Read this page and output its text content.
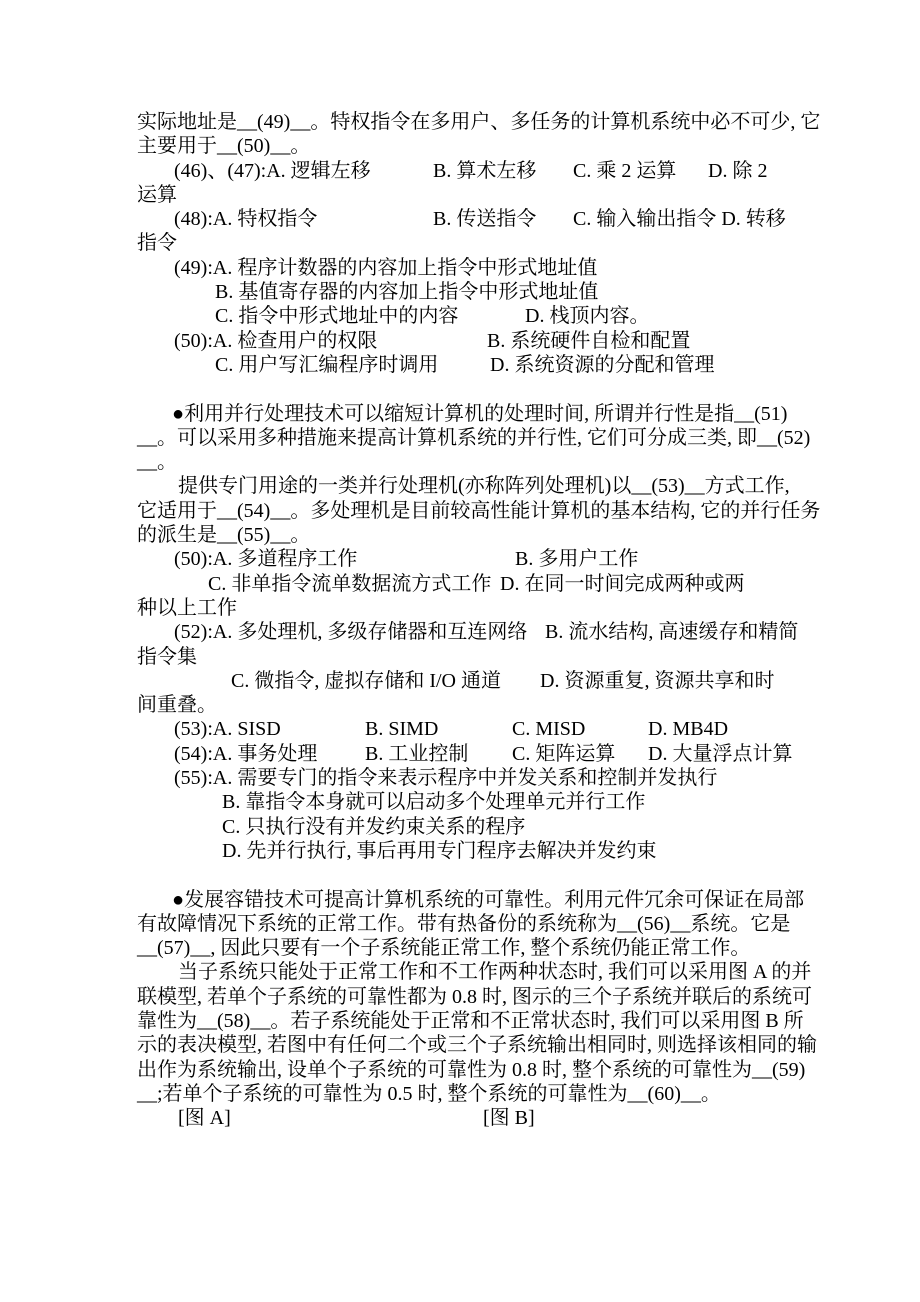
实际地址是__(49)__。特权指令在多用户、多任务的计算机系统中必不可少, 它
主要用于__(50)__。
(46)、(47):A. 逻辑左移	B. 算术左移 C. 乘 2 运算 D. 除 2
运算
(48):A. 特权指令	B. 传送指令 C. 输入输出指令 D. 转移
指令
(49):A. 程序计数器的内容加上指令中形式地址值
B. 基值寄存器的内容加上指令中形式地址值
C. 指令中形式地址中的内容	D. 栈顶内容。
(50):A. 检查用户的权限	B. 系统硬件自检和配置
C. 用户写汇编程序时调用	D. 系统资源的分配和管理
●利用并行处理技术可以缩短计算机的处理时间, 所谓并行性是指__(51)
__。可以采用多种措施来提高计算机系统的并行性, 它们可分成三类, 即__(52)
__。
提供专门用途的一类并行处理机(亦称阵列处理机)以__(53)__方式工作,
它适用于__(54)__。多处理机是目前较高性能计算机的基本结构, 它的并行任务
的派生是__(55)__。
(50):A. 多道程序工作	B. 多用户工作
C. 非单指令流单数据流方式工作 D. 在同一时间完成两种或两
种以上工作
(52):A. 多处理机, 多级存储器和互连网络 B. 流水结构, 高速缓存和精简
指令集
C. 微指令, 虚拟存储和 I/O 通道 D. 资源重复, 资源共享和时
间重叠。
(53):A. SISD	B. SIMD	C. MISD	D. MB4D
(54):A. 事务处理 B. 工业控制 C. 矩阵运算 D. 大量浮点计算
(55):A. 需要专门的指令来表示程序中并发关系和控制并发执行
B. 靠指令本身就可以启动多个处理单元并行工作
C. 只执行没有并发约束关系的程序
D. 先并行执行, 事后再用专门程序去解决并发约束
●发展容错技术可提高计算机系统的可靠性。利用元件冗余可保证在局部
有故障情况下系统的正常工作。带有热备份的系统称为__(56)__系统。它是
__(57)__, 因此只要有一个子系统能正常工作, 整个系统仍能正常工作。
当子系统只能处于正常工作和不工作两种状态时, 我们可以采用图 A 的并
联模型, 若单个子系统的可靠性都为 0.8 时, 图示的三个子系统并联后的系统可
靠性为__(58)__。若子系统能处于正常和不正常状态时, 我们可以采用图 B 所
示的表决模型, 若图中有任何二个或三个子系统输出相同时, 则选择该相同的输
出作为系统输出, 设单个子系统的可靠性为 0.8 时, 整个系统的可靠性为__(59)
__;若单个子系统的可靠性为 0.5 时, 整个系统的可靠性为__(60)__。
[图 A]	[图 B]
